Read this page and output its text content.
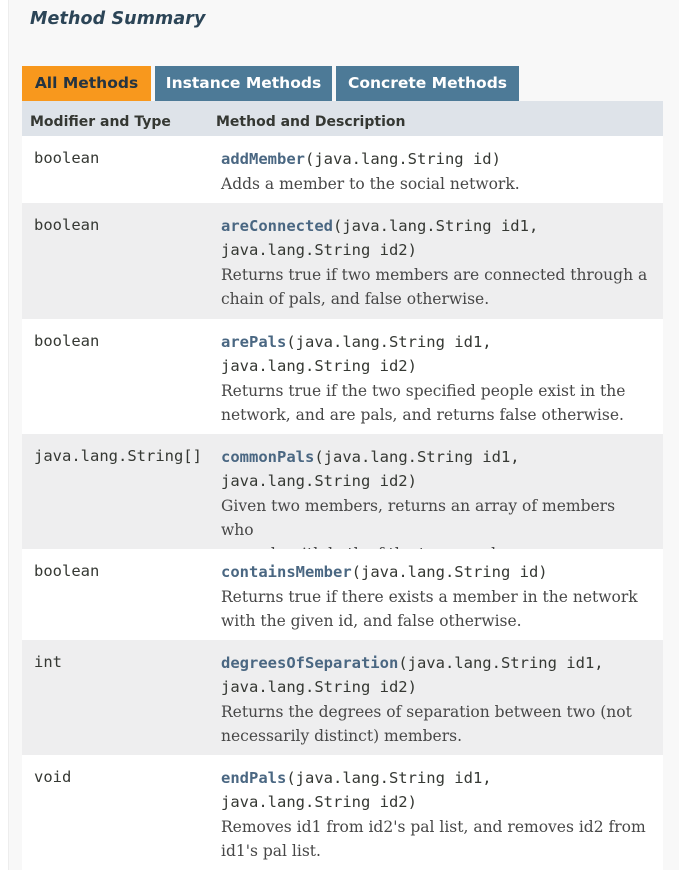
Method Summary
All Methods	Instance Methods	Concrete Methods
Modifier and Type	Method and Description
boolean	addMember(java.lang.String id)
Adds a member to the social network.
boolean	areConnected(java.lang.String id1,
java.lang.String id2)
Returns true if two members are connected through a
chain of pals, and false otherwise.
boolean	arePals(java.lang.String id1,
java.lang.String id2)
Returns true if the two specified people exist in the
network, and are pals, and returns false otherwise.
java.lang.String[] commonPals(java.lang.String id1,
java.lang.String id2)
Given two members, returns an array of members who
boolean	containsMember(java.lang.String id)
Returns true if there exists a member in the network
with the given id, and false otherwise.
int	degreesOfSeparation(java.lang.String id1,
java.lang.String id2)
Returns the degrees of separation between two (not
necessarily distinct) members.
void	endPals(java.lang.String id1,
java.lang.String id2)
Removes id1 from id2's pal list, and removes id2 from
id1's pal list.
